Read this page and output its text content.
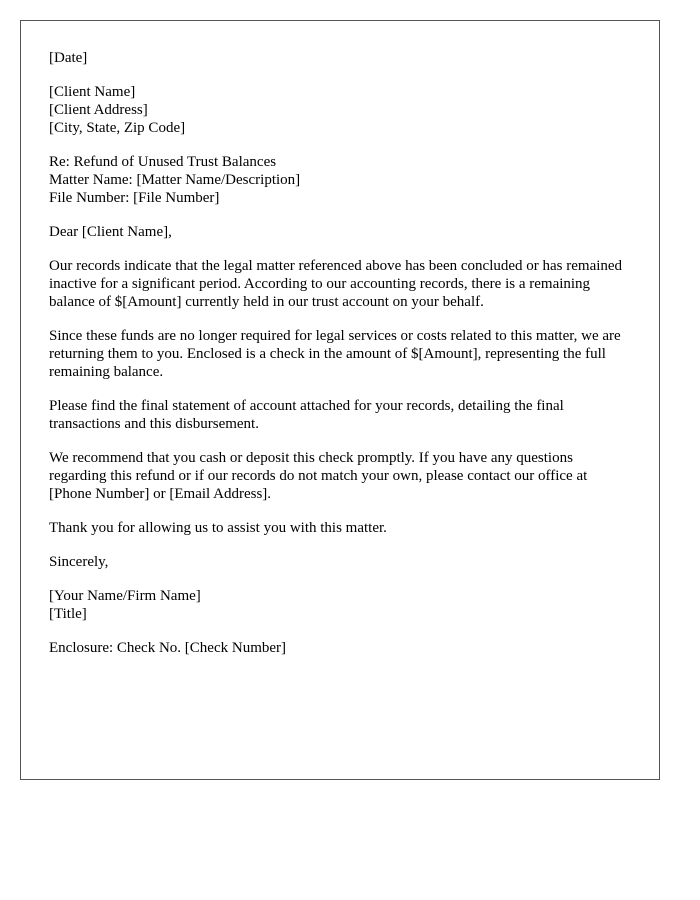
[Date]
[Client Name]
[Client Address]
[City, State, Zip Code]
Re: Refund of Unused Trust Balances
Matter Name: [Matter Name/Description]
File Number: [File Number]
Dear [Client Name],

Our records indicate that the legal matter referenced above has been concluded or has remained inactive for a significant period. According to our accounting records, there is a remaining balance of $[Amount] currently held in our trust account on your behalf.

Since these funds are no longer required for legal services or costs related to this matter, we are returning them to you. Enclosed is a check in the amount of $[Amount], representing the full remaining balance.

Please find the final statement of account attached for your records, detailing the final transactions and this disbursement.

We recommend that you cash or deposit this check promptly. If you have any questions regarding this refund or if our records do not match your own, please contact our office at [Phone Number] or [Email Address].

Thank you for allowing us to assist you with this matter.

Sincerely,
[Your Name/Firm Name]
[Title]
Enclosure: Check No. [Check Number]
